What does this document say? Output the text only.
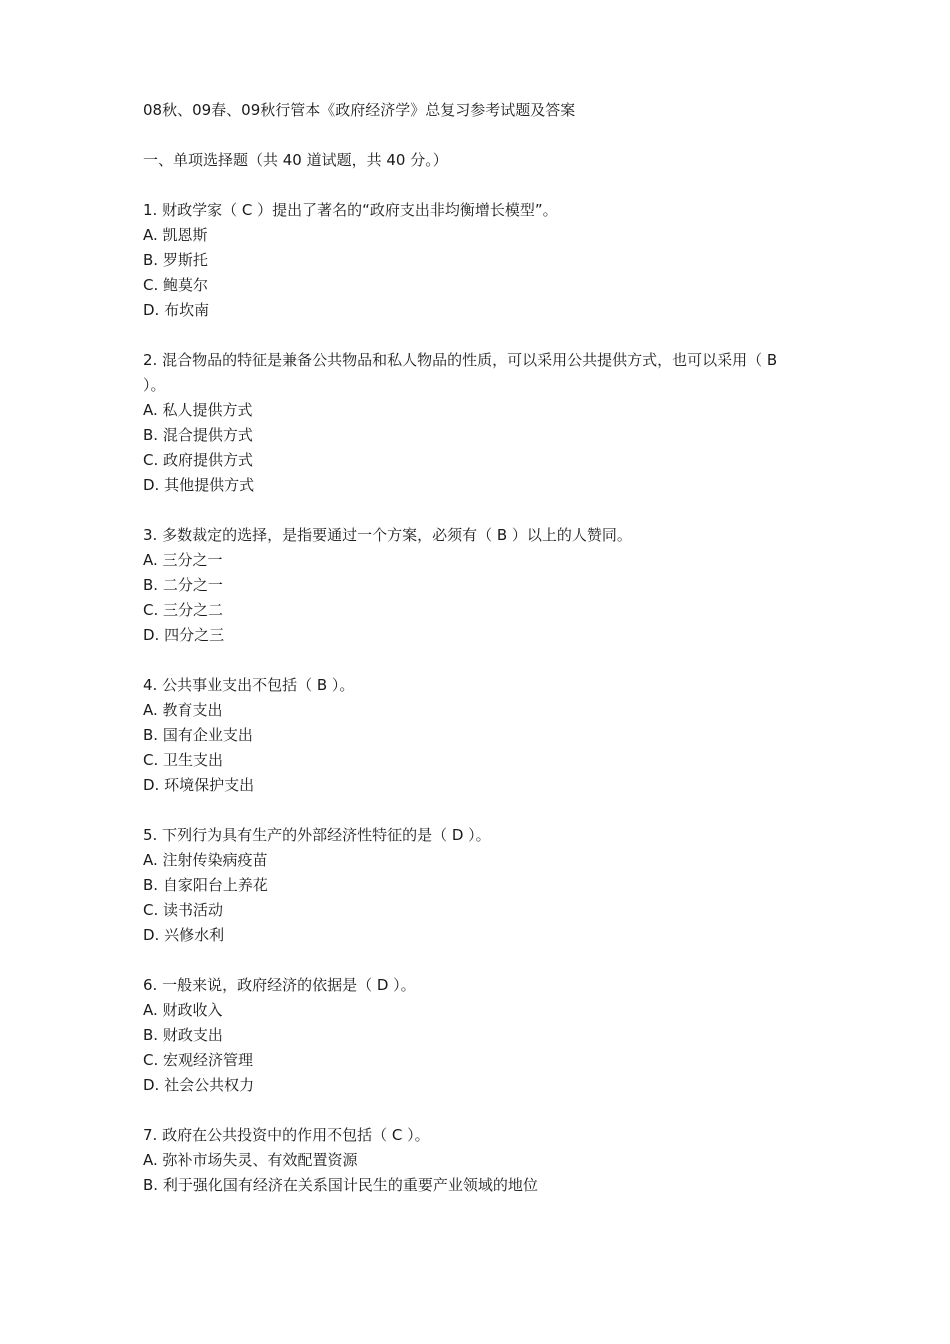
08秋、09春、09秋行管本《政府经济学》总复习参考试题及答案
一、单项选择题（共 40 道试题，共 40 分。）
1. 财政学家（ C ）提出了著名的“政府支出非均衡增长模型”。
A. 凯恩斯
B. 罗斯托
C. 鲍莫尔
D. 布坎南
2. 混合物品的特征是兼备公共物品和私人物品的性质，可以采用公共提供方式，也可以采用（ B ）。
A. 私人提供方式
B. 混合提供方式
C. 政府提供方式
D. 其他提供方式
3. 多数裁定的选择，是指要通过一个方案，必须有（ B ）以上的人赞同。
A. 三分之一
B. 二分之一
C. 三分之二
D. 四分之三
4. 公共事业支出不包括（ B ）。
A. 教育支出
B. 国有企业支出
C. 卫生支出
D. 环境保护支出
5. 下列行为具有生产的外部经济性特征的是（ D ）。
A. 注射传染病疫苗
B. 自家阳台上养花
C. 读书活动
D. 兴修水利
6. 一般来说，政府经济的依据是（ D ）。
A. 财政收入
B. 财政支出
C. 宏观经济管理
D. 社会公共权力
7. 政府在公共投资中的作用不包括（ C ）。
A. 弥补市场失灵、有效配置资源
B. 利于强化国有经济在关系国计民生的重要产业领域的地位
